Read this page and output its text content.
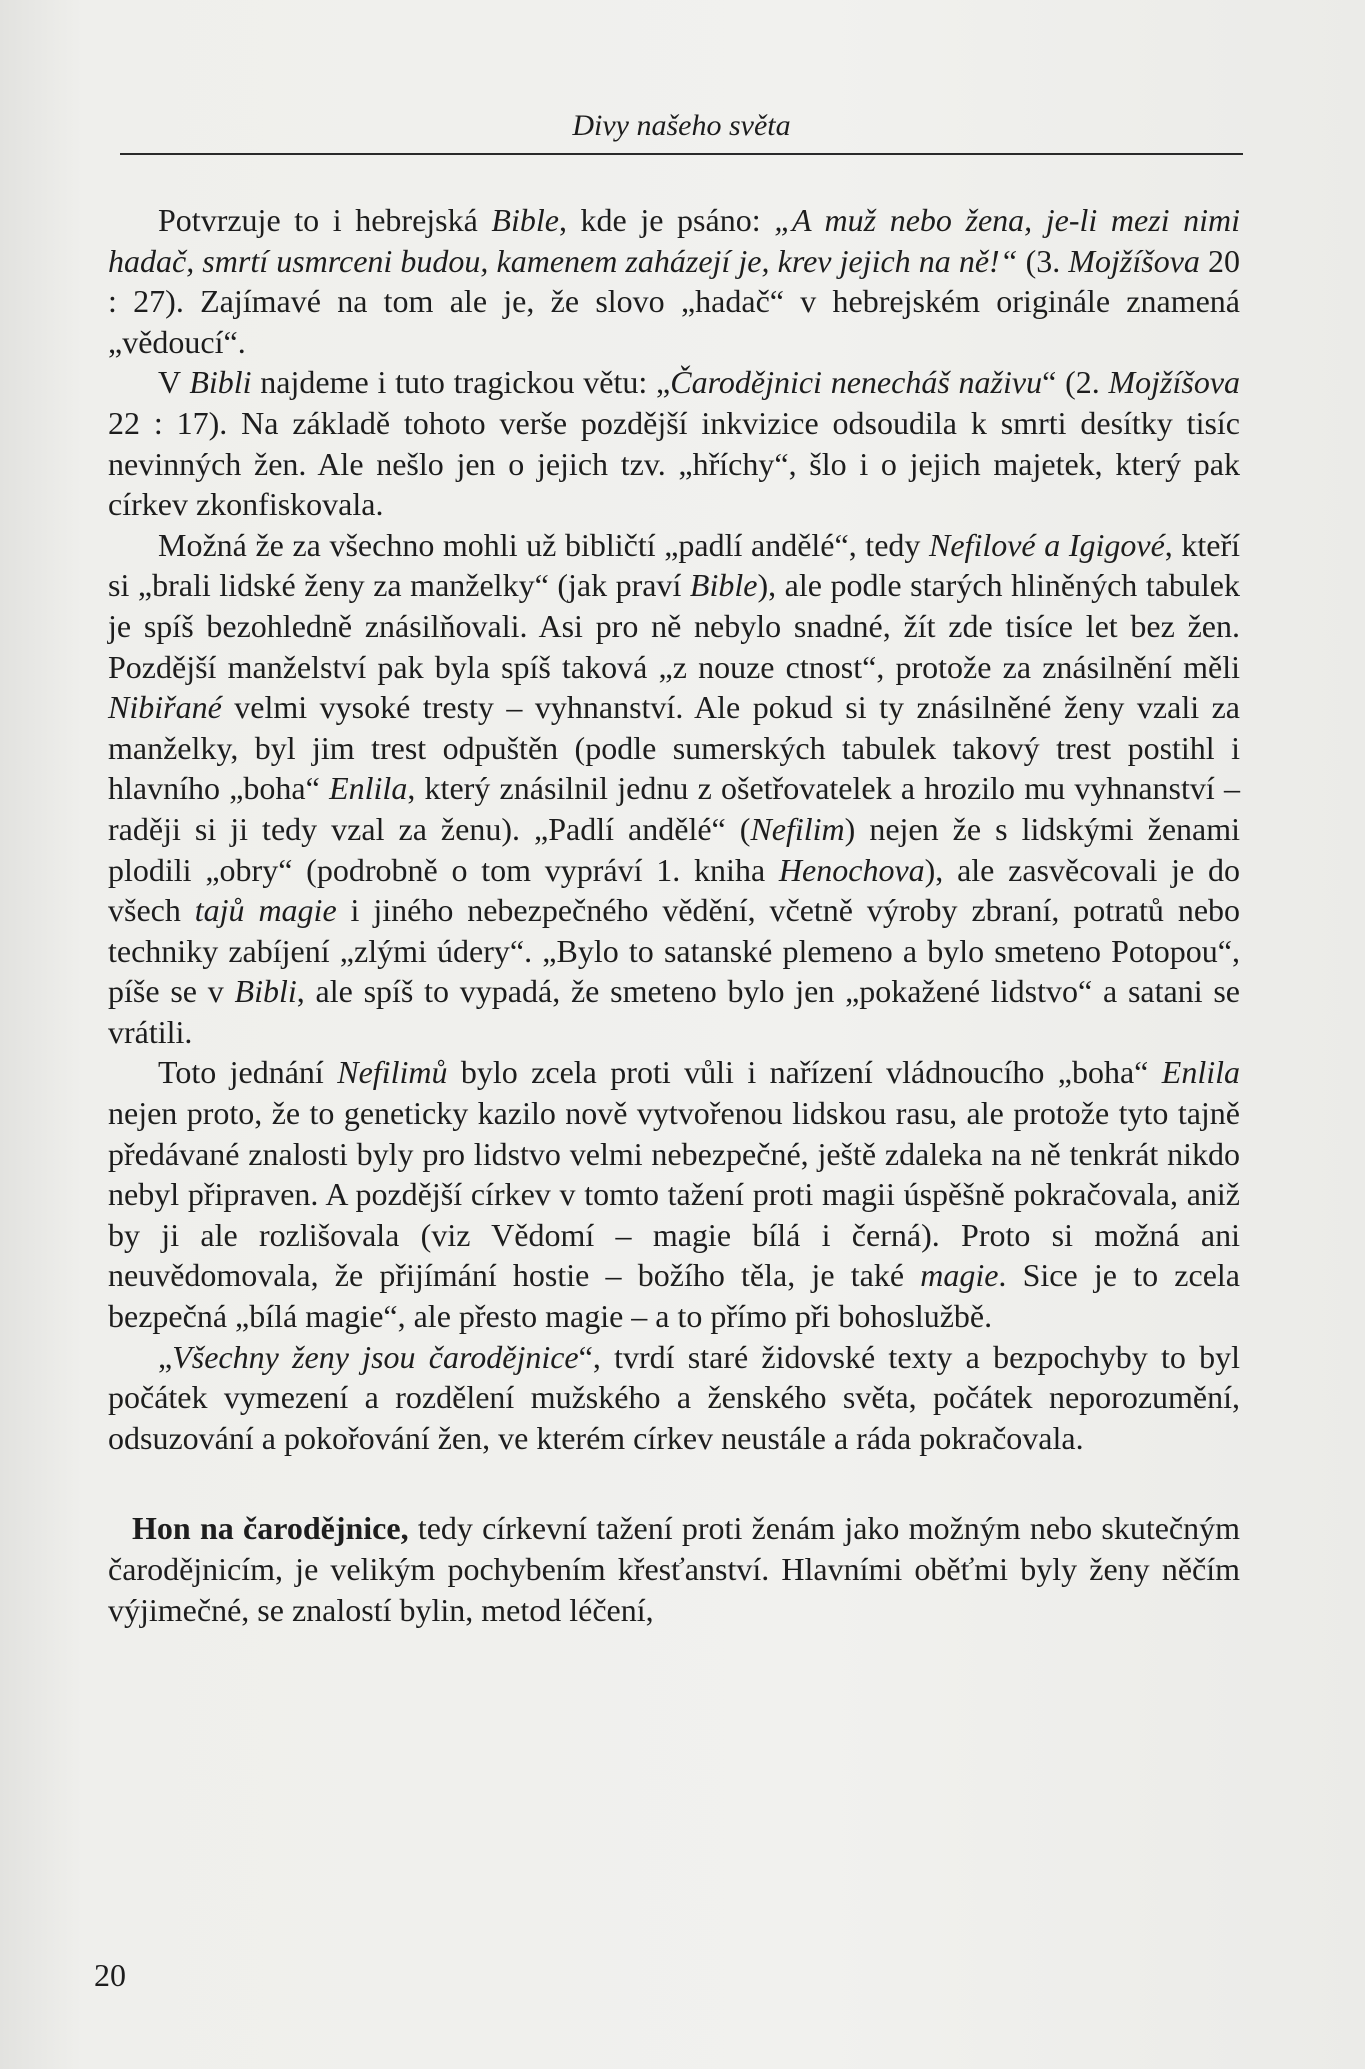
Divy našeho světa

Potvrzuje to i hebrejská Bible, kde je psáno: „A muž nebo žena, je-li mezi nimi hadač, smrtí usmrceni budou, kamenem zaházejí je, krev jejich na ně!“ (3. Mojžíšova 20 : 27). Zajímavé na tom ale je, že slovo „hadač“ v hebrejském originále znamená „vědoucí“.

V Bibli najdeme i tuto tragickou větu: „Čarodějnici nenecháš naživu“ (2. Mojžíšova 22 : 17). Na základě tohoto verše pozdější inkvizice odsoudila k smrti desítky tisíc nevinných žen. Ale nešlo jen o jejich tzv. „hříchy“, šlo i o jejich majetek, který pak církev zkonfiskovala.

Možná že za všechno mohli už bibličtí „padlí andělé“, tedy Nefilové a Igigové, kteří si „brali lidské ženy za manželky“ (jak praví Bible), ale podle starých hliněných tabulek je spíš bezohledně znásilňovali. Asi pro ně nebylo snadné, žít zde tisíce let bez žen. Pozdější manželství pak byla spíš taková „z nouze ctnost“, protože za znásilnění měli Nibiřané velmi vysoké tresty – vyhnanství. Ale pokud si ty znásilněné ženy vzali za manželky, byl jim trest odpuštěn (podle sumerských tabulek takový trest postihl i hlavního „boha“ Enlila, který znásilnil jednu z ošetřovatelek a hrozilo mu vyhnanství – raději si ji tedy vzal za ženu). „Padlí andělé“ (Nefilim) nejen že s lidskými ženami plodili „obry“ (podrobně o tom vypráví 1. kniha Henochova), ale zasvěcovali je do všech tajů magie i jiného nebezpečného vědění, včetně výroby zbraní, potratů nebo techniky zabíjení „zlými údery“. „Bylo to satanské plemeno a bylo smeteno Potopou“, píše se v Bibli, ale spíš to vypadá, že smeteno bylo jen „pokažené lidstvo“ a satani se vrátili.

Toto jednání Nefilimů bylo zcela proti vůli i nařízení vládnoucího „boha“ Enlila nejen proto, že to geneticky kazilo nově vytvořenou lidskou rasu, ale protože tyto tajně předávané znalosti byly pro lidstvo velmi nebezpečné, ještě zdaleka na ně tenkrát nikdo nebyl připraven. A pozdější církev v tomto tažení proti magii úspěšně pokračovala, aniž by ji ale rozlišovala (viz Vědomí – magie bílá i černá). Proto si možná ani neuvědomovala, že přijímání hostie – božího těla, je také magie. Sice je to zcela bezpečná „bílá magie“, ale přesto magie – a to přímo při bohoslužbě.

„Všechny ženy jsou čarodějnice“, tvrdí staré židovské texty a bezpochyby to byl počátek vymezení a rozdělení mužského a ženského světa, počátek neporozumění, odsuzování a pokořování žen, ve kterém církev neustále a ráda pokračovala.

Hon na čarodějnice, tedy církevní tažení proti ženám jako možným nebo skutečným čarodějnicím, je velikým pochybením křesťanství. Hlavními oběťmi byly ženy něčím výjimečné, se znalostí bylin, metod léčení,

20
